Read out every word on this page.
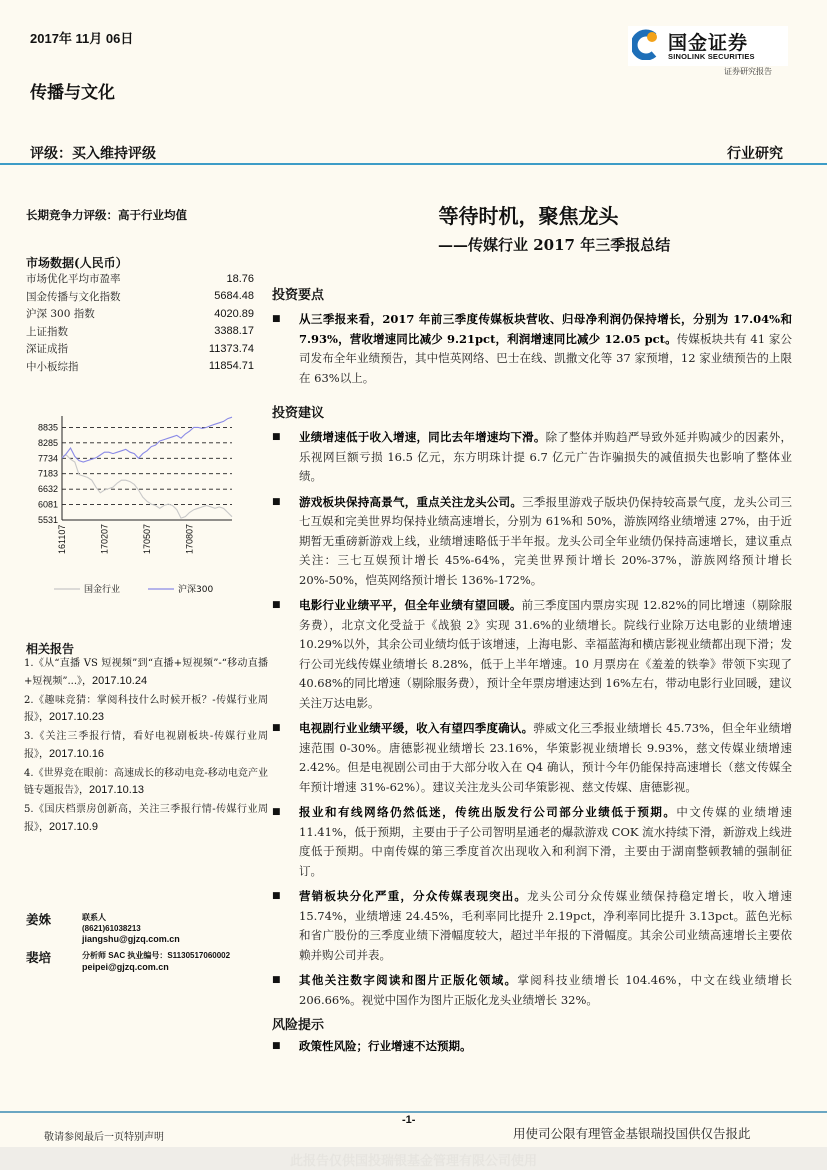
2017年 11月 06日
传播与文化
评级：买入维持评级	行业研究
国金证券
SINOLINK SECURITIES
证券研究报告
长期竞争力评级：高于行业均值
市场数据(人民币）
市场优化平均市盈率	18.76
国金传播与文化指数	5684.48
沪深 300 指数	4020.89
上证指数	3388.17
深证成指	11373.74
中小板综指	11854.71
5531
6081
6632
7183
7734
8285
8835
161107	170207	170507	170807
国金行业	沪深300
相关报告
1.《从“直播 VS 短视频”到“直播+短视频”-“移动直播+短视频”...》，2017.10.24
2.《趣味竞猜：掌阅科技什么时候开板？-传媒行业周报》，2017.10.23
3.《关注三季报行情，看好电视剧板块-传媒行业周报》，2017.10.16
4.《世界竞在眼前：高速成长的移动电竞-移动电竞产业链专题报告》，2017.10.13
5.《国庆档票房创新高，关注三季报行情-传媒行业周报》，2017.10.9
姜姝	联系人
(8621)61038213
jiangshu@gjzq.com.cn
裴培	分析师 SAC 执业编号：S1130517060002
peipei@gjzq.com.cn
等待时机，聚焦龙头
——传媒行业 2017 年三季报总结
投资要点
■	从三季报来看，2017 年前三季度传媒板块营收、归母净利润仍保持增长，分别为 17.04%和 7.93%，营收增速同比减少 9.21pct，利润增速同比减少 12.05 pct。传媒板块共有 41 家公司发布全年业绩预告，其中恺英网络、巴士在线、凯撒文化等 37 家预增，12 家业绩预告的上限在 63%以上。
投资建议
■	业绩增速低于收入增速，同比去年增速均下滑。除了整体并购趋严导致外延并购减少的因素外，乐视网巨额亏损 16.5 亿元，东方明珠计提 6.7 亿元广告诈骗损失的减值损失也影响了整体业绩。
■	游戏板块保持高景气，重点关注龙头公司。三季报里游戏子版块仍保持较高景气度，龙头公司三七互娱和完美世界均保持业绩高速增长，分别为 61%和 50%，游族网络业绩增速 27%，由于近期暂无重磅新游戏上线，业绩增速略低于半年报。龙头公司全年业绩仍保持高速增长，建议重点关注：三七互娱预计增长 45%-64%，完美世界预计增长 20%-37%，游族网络预计增长 20%-50%，恺英网络预计增长 136%-172%。
■	电影行业业绩平平，但全年业绩有望回暖。前三季度国内票房实现 12.82%的同比增速（剔除服务费），北京文化受益于《战狼 2》实现 31.6%的业绩增长。院线行业除万达电影的业绩增速 10.29%以外，其余公司业绩均低于该增速，上海电影、幸福蓝海和横店影视业绩都出现下滑；发行公司光线传媒业绩增长 8.28%，低于上半年增速。10 月票房在《羞羞的铁拳》带领下实现了 40.68%的同比增速（剔除服务费），预计全年票房增速达到 16%左右，带动电影行业回暖，建议关注万达电影。
■	电视剧行业业绩平缓，收入有望四季度确认。骅威文化三季报业绩增长 45.73%，但全年业绩增速范围 0-30%。唐德影视业绩增长 23.16%，华策影视业绩增长 9.93%，慈文传媒业绩增速 2.42%。但是电视剧公司由于大部分收入在 Q4 确认，预计今年仍能保持高速增长（慈文传媒全年预计增速 31%-62%）。建议关注龙头公司华策影视、慈文传媒、唐德影视。
■	报业和有线网络仍然低迷，传统出版发行公司部分业绩低于预期。中文传媒的业绩增速 11.41%，低于预期，主要由于子公司智明星通老的爆款游戏 COK 流水持续下滑，新游戏上线进度低于预期。中南传媒的第三季度首次出现收入和利润下滑，主要由于湖南整顿教辅的强制征订。
■	营销板块分化严重，分众传媒表现突出。龙头公司分众传媒业绩保持稳定增长，收入增速 15.74%，业绩增速 24.45%，毛利率同比提升 2.19pct，净利率同比提升 3.13pct。蓝色光标和省广股份的三季度业绩下滑幅度较大，超过半年报的下滑幅度。其余公司业绩高速增长主要依赖并购公司并表。
■	其他关注数字阅读和图片正版化领域。掌阅科技业绩增长 104.46%，中文在线业绩增长 206.66%。视觉中国作为图片正版化龙头业绩增长 32%。
风险提示
■	政策性风险；行业增速不达预期。
-1-
敬请参阅最后一页特别声明	用使司公限有理管金基银瑞投国供仅告报此
此报告仅供国投瑞银基金管理有限公司使用
